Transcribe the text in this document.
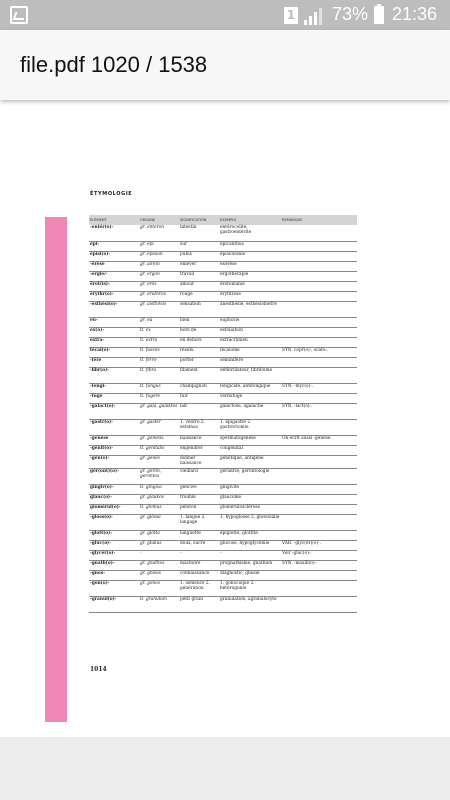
1 73% 21:36
file.pdf 1020 / 1538
ÉTYMOLOGIE
ÉLÉMENT	ORIGINE	SIGNIFICATION	EXEMPLE	REMARQUE
-entér(o)-	gr. enteron	intestin	entérocolite, gastroentérite	
épi-	gr. epi	sur	épicanthus	
épisi(o)-	gr. epision	pubis	épisiotomie	
-érèse	gr. airein	enlever	exérèse	
-ergie/-	gr. ergon	travail	ergothérapie	
érot(is)-	gr. erôs	amour	érotomanie	
érythr(o)-	gr. eruthros	rouge	érythrose	
-esthési(o)-	gr. aisthêsis	sensation	anesthésie, esthésiomètre	
eu-	gr. eu	bien	euphorie	
ex(o)-	lt. ex	hors de	exfoliation	
extra-	lt. extra	en dehors	extracrânien	
fécal(o)-	lt. faeces	résidu	fécalome	SYN. copr(o)-, scato-.
-fère	lt. ferre	porter	séminifère	
-fibr(o)-	lt. fibra	filament	défibrillateur, fibrillome	
-fongi-	lt. fungus	champignon	fongicide, antifongique	SYN. -myc(o)-.
-fuge	lt. fugere	fuir	vermifuge	
-galact(o)-	gr. gala, galaktos	lait	galactose, agalactie	SYN. -lact(o)-.
-gastr(o)-	gr. gastêr	1. ventre 2. estomac	1. épigastre 2. gastrectomie	
-genèse	gr. genesis	naissance	spermatogenèse	On écrit aussi -génèse.
-génit(o)-	lt. genitalis	engendrer	congénital	
-gén(o)-	gr. genês	donner naissance	génétique, antigène	
gér(ont)(o)-	gr. gerôn, gerontos	vieillard	gériatrie, gérontologie	
gingiv(o)-	lt. gingiva	gencive	gingivite	
glauc(o)-	gr. glaukos	trouble	glaucome	
glomérul(o)-	lt. glomus	peloton	glomérulosclérose	
-gloss(o)-	gr. glôssa	1. langue 2. langage	1. hypoglosse 2. glossolalie	
-glott(o)-	gr. glôtta	languette	épiglotte, glottite	
-gluc(o)-	gr. glukus	doux, sucre	glucose, hypoglycémie	VAR. -glyc(ér)(o)-.
-glycér(o)-	-	-	-	Voir -gluc(o)-.
-gnath(o)-	gr. gnathos	mâchoire	prognathisme, gnathion	SYN. -maxill(o)-.
-gnos-	gr. gnôsis	connaissance	diagnostic, gnosie	
-gon(o)-	gr. gonos	1. semence 2. génération	1. gonocoque 2. hétérogonie	
-granul(o)-	lt. granulum	petit grain	granulation, agranulocyte	
1014
